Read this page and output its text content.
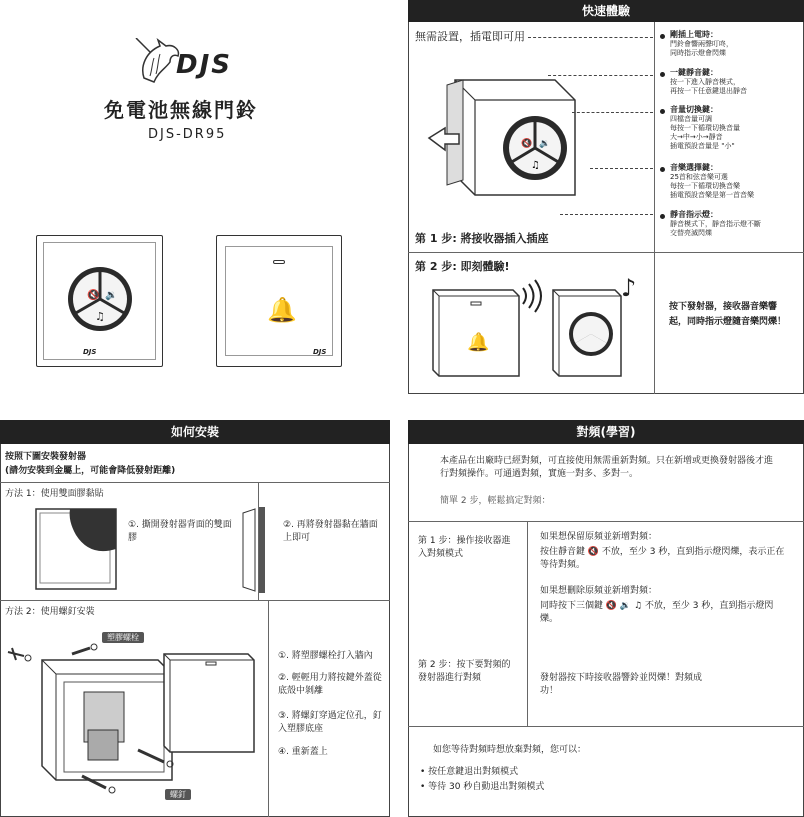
DJS
免電池無線門鈴
DJS-DR95
🔇 🔉
♫
DJS
🔔
DJS
快速體驗
無需設置，插電即可用
🔇 🔉
♫
剛插上電時：
門鈴會響兩聲叮咚，
同時指示燈會閃爍
一鍵靜音鍵：
按一下進入靜音模式，
再按一下任意鍵退出靜音
音量切換鍵：
四檔音量可調
每按一下循環切換音量
大→中→小→靜音
插電預設音量是 "小"
音樂選擇鍵：
25首和弦音樂可選
每按一下循環切換音樂
插電預設音樂是第一首音樂
靜音指示燈：
靜音模式下，靜音指示燈不斷
交替亮滅閃爍
第 1 步: 將接收器插入插座
第 2 步: 即刻體驗!
🔔
♪
按下發射器，接收器音樂響起，同時指示燈隨音樂閃爍！
如何安裝
按照下圖安裝發射器
(請勿安裝到金屬上，可能會降低發射距離)
方法 1：使用雙面膠黏貼
①. 撕開發射器背面的雙面膠
②. 再將發射器黏在牆面上即可
方法 2：使用螺釘安裝
塑膠螺栓
螺釘
①. 將塑膠螺栓打入牆內
②. 輕輕用力將按鍵外蓋從底殼中剝離
③. 將螺釘穿過定位孔，釘入塑膠底座
④. 重新蓋上
對頻(學習)
本產品在出廠時已經對頻，可直接使用無需重新對頻。只在新增或更換發射器後才進行對頻操作。可通過對頻，實施一對多、多對一。
簡單 2 步，輕鬆搞定對頻：
第 1 步：操作接收器進入對頻模式
如果想保留原頻並新增對頻：
按住靜音鍵 🔇 不放，至少 3 秒，直到指示燈閃爍，表示正在等待對頻。
如果想刪除原頻並新增對頻：
同時按下三個鍵 🔇 🔉 ♫ 不放，至少 3 秒，直到指示燈閃爍。
第 2 步：按下要對頻的發射器進行對頻	發射器按下時接收器響鈴並閃爍！對頻成功！
如您等待對頻時想放棄對頻，您可以：
• 按任意鍵退出對頻模式
• 等待 30 秒自動退出對頻模式
